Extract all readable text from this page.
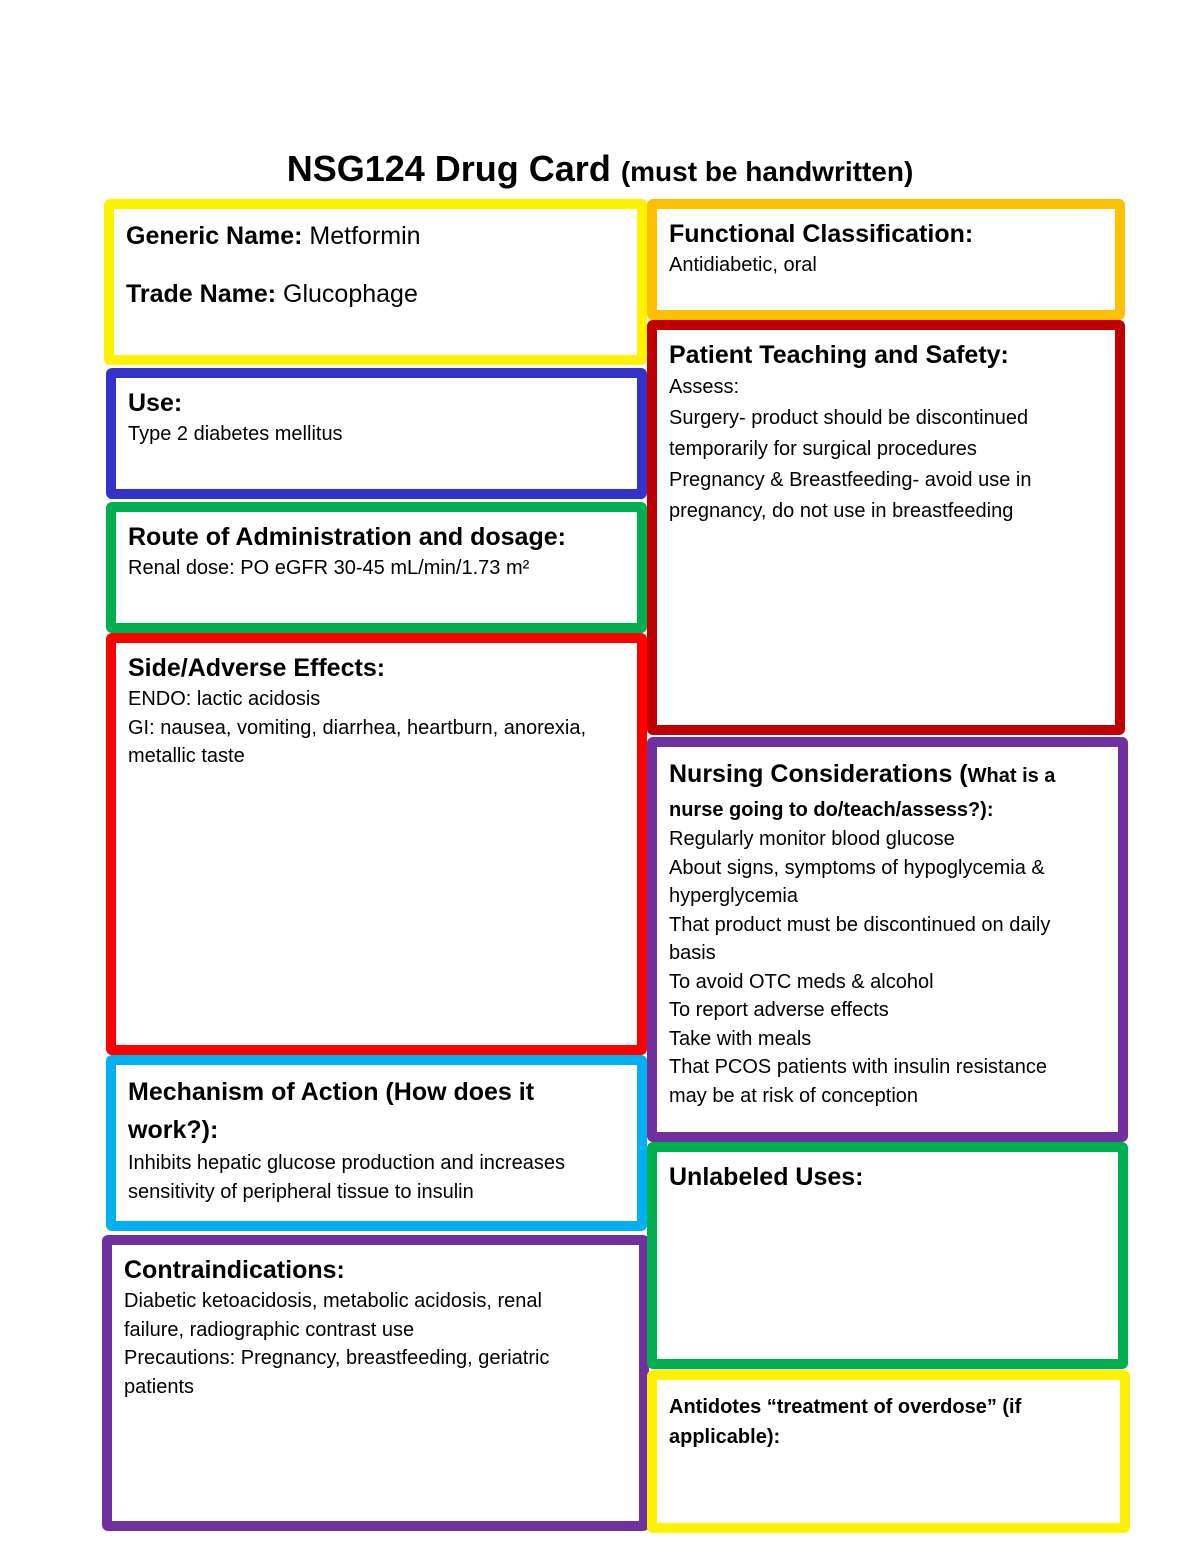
NSG124 Drug Card (must be handwritten)
Generic Name: Metformin
Trade Name: Glucophage
Use:
Type 2 diabetes mellitus
Route of Administration and dosage:
Renal dose: PO eGFR 30-45 mL/min/1.73 m²
Side/Adverse Effects:
ENDO: lactic acidosis
GI: nausea, vomiting, diarrhea, heartburn, anorexia,
metallic taste
Mechanism of Action (How does it
work?):
Inhibits hepatic glucose production and increases
sensitivity of peripheral tissue to insulin
Contraindications:
Diabetic ketoacidosis, metabolic acidosis, renal
failure, radiographic contrast use
Precautions: Pregnancy, breastfeeding, geriatric
patients
Functional Classification:
Antidiabetic, oral
Patient Teaching and Safety:
Assess:
Surgery- product should be discontinued
temporarily for surgical procedures
Pregnancy & Breastfeeding- avoid use in
pregnancy, do not use in breastfeeding
Nursing Considerations (What is a
nurse going to do/teach/assess?):
Regularly monitor blood glucose
About signs, symptoms of hypoglycemia &
hyperglycemia
That product must be discontinued on daily
basis
To avoid OTC meds & alcohol
To report adverse effects
Take with meals
That PCOS patients with insulin resistance
may be at risk of conception
Unlabeled Uses:
Antidotes “treatment of overdose” (if
applicable):
